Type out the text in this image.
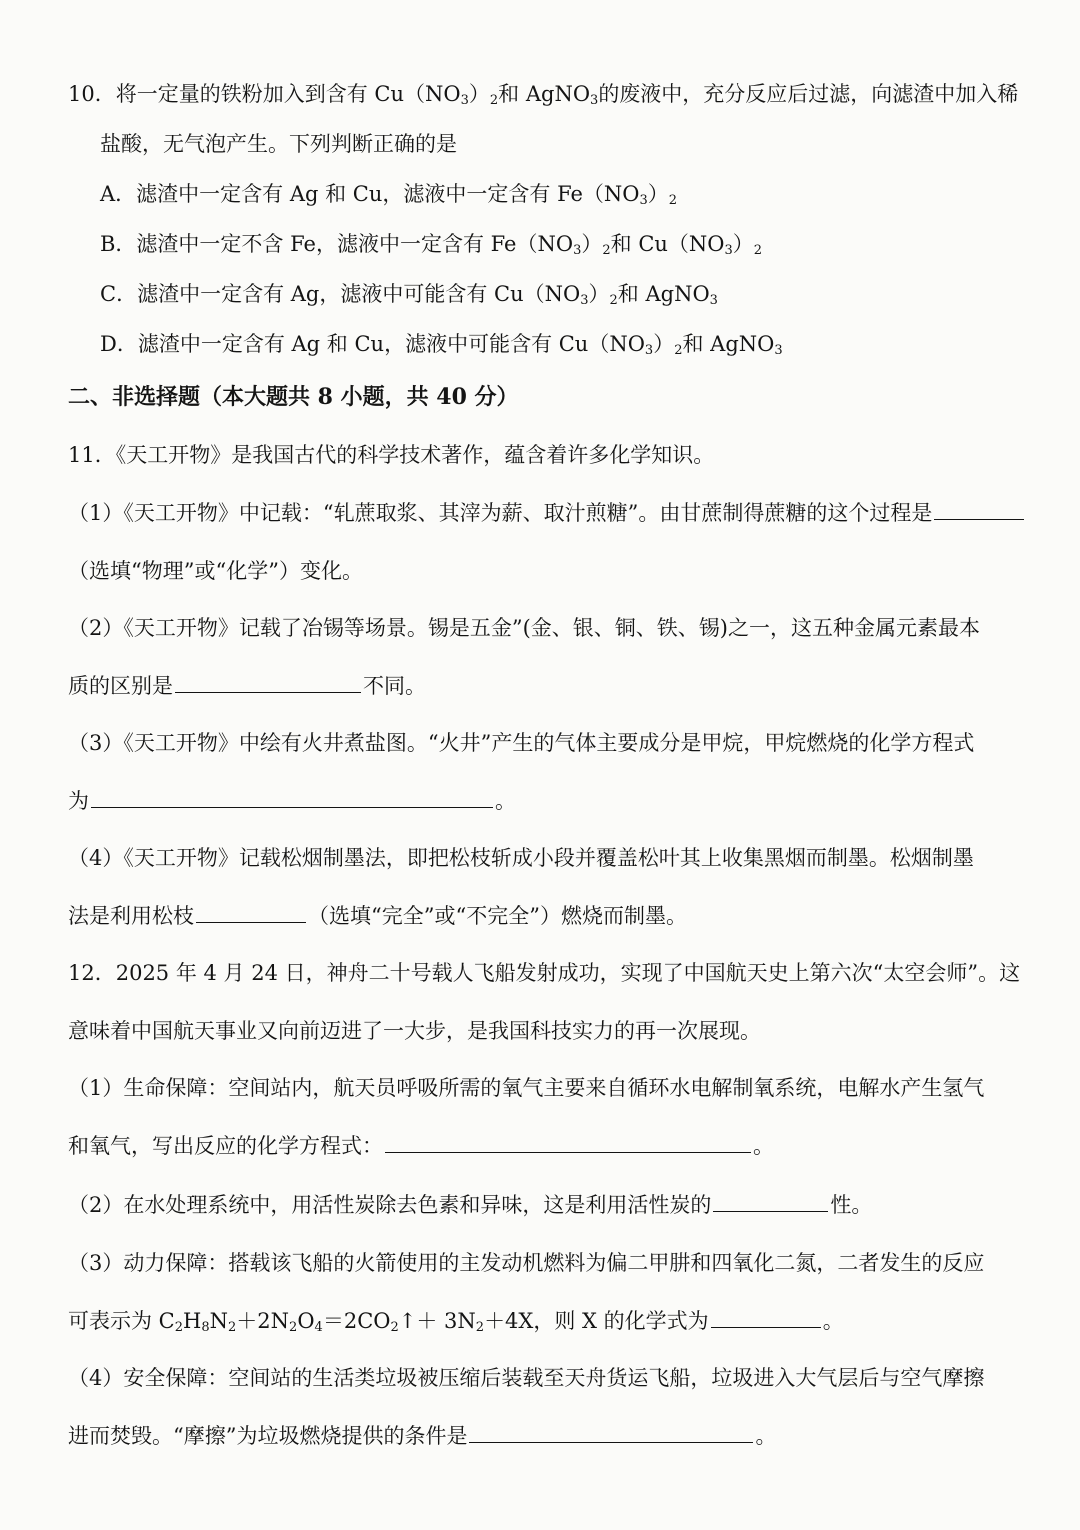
10．将一定量的铁粉加入到含有 $Cu(NO_3)_2$和 AgNO$_3$的废液中，充分反应后过滤，向滤渣中加入稀
盐酸，无气泡产生。下列判断正确的是
A．滤渣中一定含有 Ag 和 Cu，滤液中一定含有 $Fe(NO_3)_2$
B．滤渣中一定不含 Fe，滤液中一定含有 $Fe(NO_3)_2$和 $Cu(NO_3)_2$
C．滤渣中一定含有 Ag，滤液中可能含有 $Cu(NO_3)_2$和 AgNO$_3$
D．滤渣中一定含有 Ag 和 Cu，滤液中可能含有 $Cu(NO_3)_2$和 AgNO$_3$
二、非选择题（本大题共 8 小题，共 40 分）
11．《天工开物》是我国古代的科学技术著作，蕴含着许多化学知识。
（1）《天工开物》中记载：“轧蔗取浆、其滓为薪、取汁煎糖”。由甘蔗制得蔗糖的这个过程是
（选填“物理”或“化学”）变化。
（2）《天工开物》记载了冶锡等场景。锡是五金”(金、银、铜、铁、锡)之一，这五种金属元素最本
质的区别是	不同。
（3）《天工开物》中绘有火井煮盐图。“火井”产生的气体主要成分是甲烷，甲烷燃烧的化学方程式
为	。
（4）《天工开物》记载松烟制墨法，即把松枝斩成小段并覆盖松叶其上收集黑烟而制墨。松烟制墨
法是利用松枝	（选填“完全”或“不完全”）燃烧而制墨。
12．2025 年 4 月 24 日，神舟二十号载人飞船发射成功，实现了中国航天史上第六次“太空会师”。这
意味着中国航天事业又向前迈进了一大步，是我国科技实力的再一次展现。
（1）生命保障：空间站内，航天员呼吸所需的氧气主要来自循环水电解制氧系统，电解水产生氢气
和氧气，写出反应的化学方程式：	。
（2）在水处理系统中，用活性炭除去色素和异味，这是利用活性炭的	性。
（3）动力保障：搭载该飞船的火箭使用的主发动机燃料为偏二甲肼和四氧化二氮，二者发生的反应
可表示为 $C_2H_8N_2+2N_2O_4=2CO_2↑+ 3N_2+4X$，则 X 的化学式为	。
（4）安全保障：空间站的生活类垃圾被压缩后装载至天舟货运飞船，垃圾进入大气层后与空气摩擦
进而焚毁。“摩擦”为垃圾燃烧提供的条件是	。
